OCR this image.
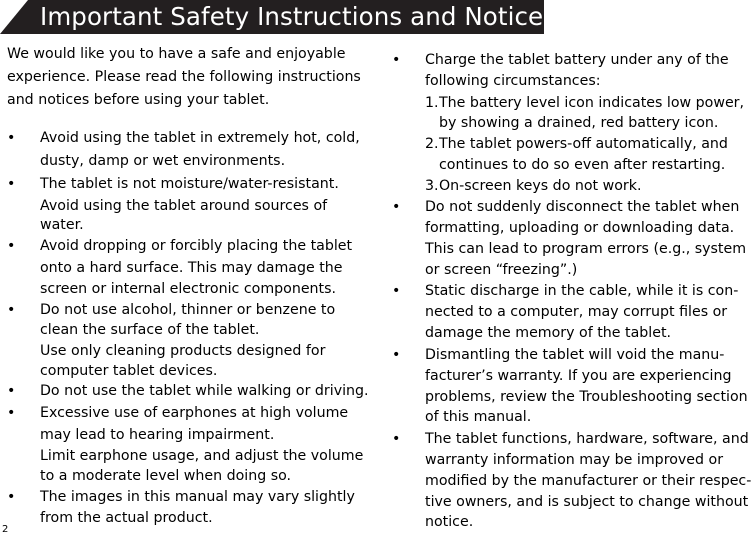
Important Safety Instructions and Notices
We would like you to have a safe and enjoyable
experience. Please read the following instructions
and notices before using your tablet.
• Avoid using the tablet in extremely hot, cold,
dusty, damp or wet environments.
• The tablet is not moisture/water-resistant.
Avoid using the tablet around sources of
water.
• Avoid dropping or forcibly placing the tablet
onto a hard surface. This may damage the
screen or internal electronic components.
• Do not use alcohol, thinner or benzene to
clean the surface of the tablet.
Use only cleaning products designed for
computer tablet devices.
• Do not use the tablet while walking or driving.
• Excessive use of earphones at high volume
may lead to hearing impairment.
Limit earphone usage, and adjust the volume
to a moderate level when doing so.
• The images in this manual may vary slightly
from the actual product.
• Charge the tablet battery under any of the
following circumstances:
1. The battery level icon indicates low power,
by showing a drained, red battery icon.
2. The tablet powers-off automatically, and
continues to do so even after restarting.
3. On-screen keys do not work.
• Do not suddenly disconnect the tablet when
formatting, uploading or downloading data.
This can lead to program errors (e.g., system
or screen “freezing”.)
• Static discharge in the cable, while it is con-
nected to a computer, may corrupt files or
damage the memory of the tablet.
• Dismantling the tablet will void the manu-
facturer’s warranty. If you are experiencing
problems, review the Troubleshooting section
of this manual.
• The tablet functions, hardware, software, and
warranty information may be improved or
modified by the manufacturer or their respec-
tive owners, and is subject to change without
notice.
2
